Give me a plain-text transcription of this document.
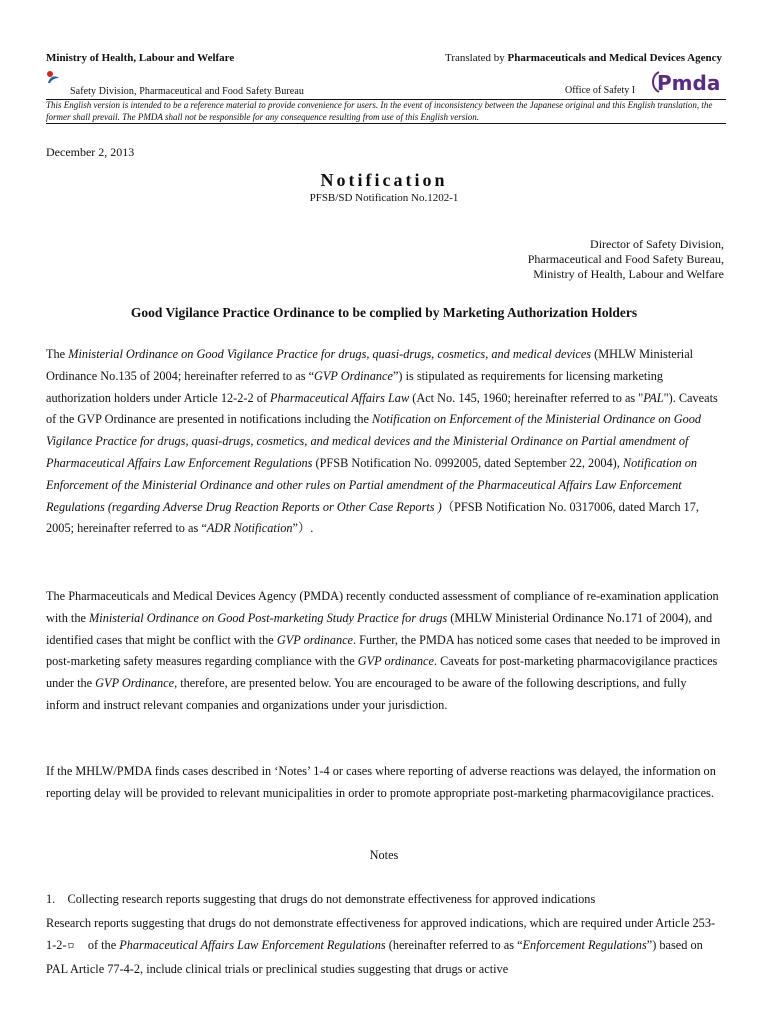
Ministry of Health, Labour and Welfare	Translated by Pharmaceuticals and Medical Devices Agency
Safety Division, Pharmaceutical and Food Safety Bureau	Office of Safety I Pmda
This English version is intended to be a reference material to provide convenience for users. In the event of inconsistency between the Japanese original and this English translation, the former shall prevail. The PMDA shall not be responsible for any consequence resulting from use of this English version.
December 2, 2013
Notification
PFSB/SD Notification No.1202-1
Director of Safety Division,
Pharmaceutical and Food Safety Bureau,
Ministry of Health, Labour and Welfare
Good Vigilance Practice Ordinance to be complied by Marketing Authorization Holders
The Ministerial Ordinance on Good Vigilance Practice for drugs, quasi-drugs, cosmetics, and medical devices (MHLW Ministerial Ordinance No.135 of 2004; hereinafter referred to as “GVP Ordinance”) is stipulated as requirements for licensing marketing authorization holders under Article 12-2-2 of Pharmaceutical Affairs Law (Act No. 145, 1960; hereinafter referred to as "PAL"). Caveats of the GVP Ordinance are presented in notifications including the Notification on Enforcement of the Ministerial Ordinance on Good Vigilance Practice for drugs, quasi-drugs, cosmetics, and medical devices and the Ministerial Ordinance on Partial amendment of Pharmaceutical Affairs Law Enforcement Regulations (PFSB Notification No. 0992005, dated September 22, 2004), Notification on Enforcement of the Ministerial Ordinance and other rules on Partial amendment of the Pharmaceutical Affairs Law Enforcement Regulations (regarding Adverse Drug Reaction Reports or Other Case Reports )（PFSB Notification No. 0317006, dated March 17, 2005; hereinafter referred to as “ADR Notification”）.
The Pharmaceuticals and Medical Devices Agency (PMDA) recently conducted assessment of compliance of re-examination application with the Ministerial Ordinance on Good Post-marketing Study Practice for drugs (MHLW Ministerial Ordinance No.171 of 2004), and identified cases that might be conflict with the GVP ordinance. Further, the PMDA has noticed some cases that needed to be improved in post-marketing safety measures regarding compliance with the GVP ordinance. Caveats for post-marketing pharmacovigilance practices under the GVP Ordinance, therefore, are presented below. You are encouraged to be aware of the following descriptions, and fully inform and instruct relevant companies and organizations under your jurisdiction.
If the MHLW/PMDA finds cases described in ‘Notes’ 1-4 or cases where reporting of adverse reactions was delayed, the information on reporting delay will be provided to relevant municipalities in order to promote appropriate post-marketing pharmacovigilance practices.
Notes
1. Collecting research reports suggesting that drugs do not demonstrate effectiveness for approved indications
Research reports suggesting that drugs do not demonstrate effectiveness for approved indications, which are required under Article 253-1-2-ロ of the Pharmaceutical Affairs Law Enforcement Regulations (hereinafter referred to as “Enforcement Regulations”) based on PAL Article 77-4-2, include clinical trials or preclinical studies suggesting that drugs or active
